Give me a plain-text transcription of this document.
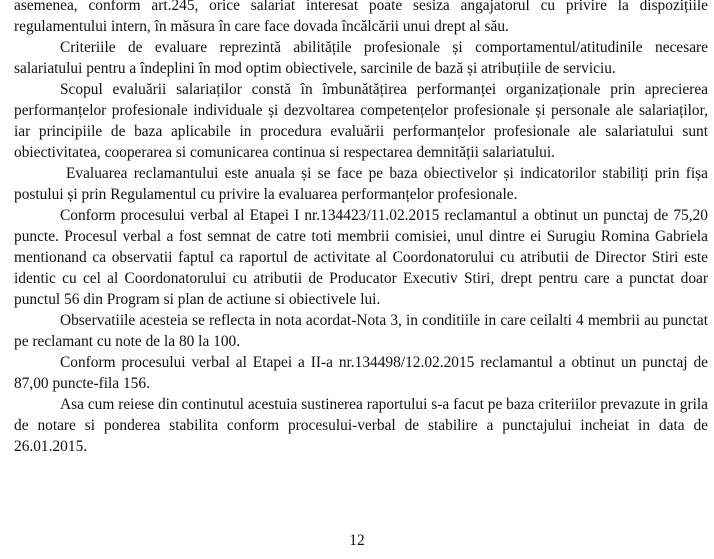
asemenea, conform art.245, orice salariat interesat poate sesiza angajatorul cu privire la dispozițiile regulamentului intern, în măsura în care face dovada încălcării unui drept al său.

Criteriile de evaluare reprezintă abilitățile profesionale și comportamentul/atitudinile necesare salariatului pentru a îndeplini în mod optim obiectivele, sarcinile de bază și atribuțiile de serviciu.

Scopul evaluării salariaților constă în îmbunătățirea performanței organizaționale prin aprecierea performanțelor profesionale individuale și dezvoltarea competențelor profesionale și personale ale salariaților, iar principiile de baza aplicabile in procedura evaluării performanțelor profesionale ale salariatului sunt obiectivitatea, cooperarea si comunicarea continua si respectarea demnității salariatului.

Evaluarea reclamantului este anuala și se face pe baza obiectivelor și indicatorilor stabiliți prin fișa postului și prin Regulamentul cu privire la evaluarea performanțelor profesionale.

Conform procesului verbal al Etapei I nr.134423/11.02.2015 reclamantul a obtinut un punctaj de 75,20 puncte. Procesul verbal a fost semnat de catre toti membrii comisiei, unul dintre ei Surugiu Romina Gabriela mentionand ca observatii faptul ca raportul de activitate al Coordonatorului cu atributii de Director Stiri este identic cu cel al Coordonatorului cu atributii de Producator Executiv Stiri, drept pentru care a punctat doar punctul 56 din Program si plan de actiune si obiectivele lui.

Observatiile acesteia se reflecta in nota acordat-Nota 3, in conditiile in care ceilalti 4 membrii au punctat pe reclamant cu note de la 80 la 100.

Conform procesului verbal al Etapei a II-a nr.134498/12.02.2015 reclamantul a obtinut un punctaj de 87,00 puncte-fila 156.

Asa cum reiese din continutul acestuia sustinerea raportului s-a facut pe baza criteriilor prevazute in grila de notare si ponderea stabilita conform procesului-verbal de stabilire a punctajului incheiat in data de 26.01.2015.

12
